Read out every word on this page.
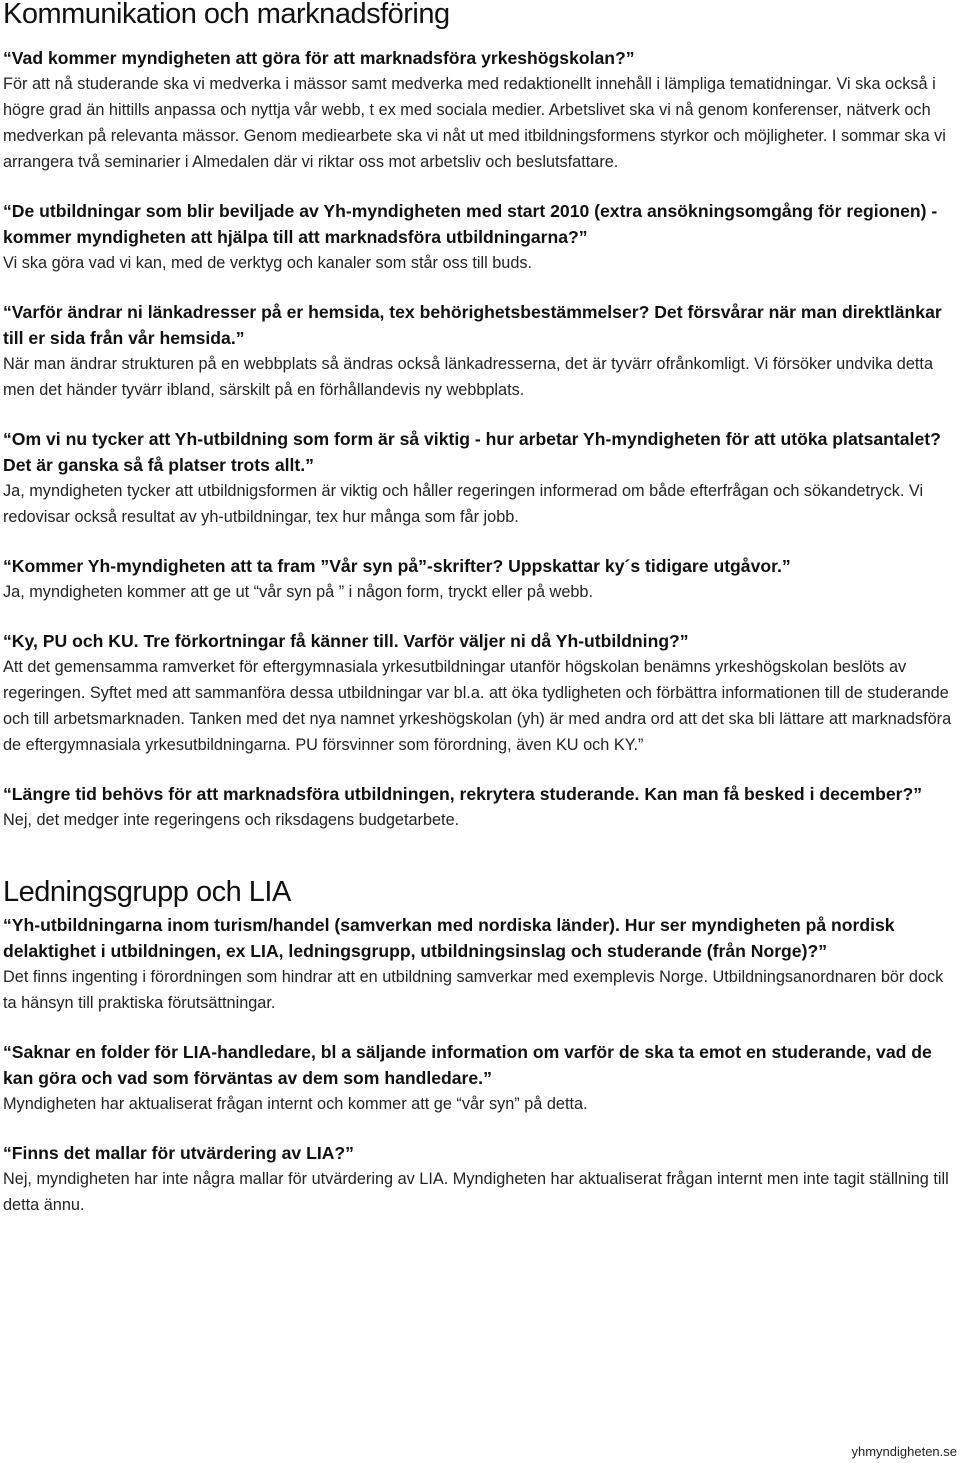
Kommunikation och marknadsföring

“Vad kommer myndigheten att göra för att marknadsföra yrkeshögskolan?”

För att nå studerande ska vi medverka i mässor samt medverka med redaktionellt innehåll i lämpliga tematidningar. Vi ska också i högre grad än hittills anpassa och nyttja vår webb, t ex med sociala medier. Arbetslivet ska vi nå genom konferenser, nätverk och medverkan på relevanta mässor. Genom mediearbete ska vi nåt ut med itbildningsformens styrkor och möjligheter. I sommar ska vi arrangera två seminarier i Almedalen där vi riktar oss mot arbetsliv och beslutsfattare.

“De utbildningar som blir beviljade av Yh-myndigheten med start 2010 (extra ansökningsomgång för regionen) - kommer myndigheten att hjälpa till att marknadsföra utbildningarna?”

Vi ska göra vad vi kan, med de verktyg och kanaler som står oss till buds.

“Varför ändrar ni länkadresser på er hemsida, tex behörighetsbestämmelser? Det försvårar när man direktlänkar till er sida från vår hemsida.”

När man ändrar strukturen på en webbplats så ändras också länkadresserna, det är tyvärr ofrånkomligt. Vi försöker undvika detta men det händer tyvärr ibland, särskilt på en förhållandevis ny webbplats.

“Om vi nu tycker att Yh-utbildning som form är så viktig - hur arbetar Yh-myndigheten för att utöka platsantalet? Det är ganska så få platser trots allt.”

Ja, myndigheten tycker att utbildnigsformen är viktig och håller regeringen informerad om både efterfrågan och sökandetryck. Vi redovisar också resultat av yh-utbildningar, tex hur många som får jobb.

“Kommer Yh-myndigheten att ta fram ”Vår syn på”-skrifter? Uppskattar ky´s tidigare utgåvor.”

Ja, myndigheten kommer att ge ut “vår syn på ” i någon form, tryckt eller på webb.

“Ky, PU och KU. Tre förkortningar få känner till. Varför väljer ni då Yh-utbildning?”

Att det gemensamma ramverket för eftergymnasiala yrkesutbildningar utanför högskolan benämns yrkeshögskolan beslöts av regeringen. Syftet med att sammanföra dessa utbildningar var bl.a. att öka tydligheten och förbättra informationen till de studerande och till arbetsmarknaden. Tanken med det nya namnet yrkeshögskolan (yh) är med andra ord att det ska bli lättare att marknadsföra de eftergymnasiala yrkesutbildningarna. PU försvinner som förordning, även KU och KY.”

“Längre tid behövs för att marknadsföra utbildningen, rekrytera studerande. Kan man få besked i december?”

Nej, det medger inte regeringens och riksdagens budgetarbete.

Ledningsgrupp och LIA

“Yh-utbildningarna inom turism/handel (samverkan med nordiska länder). Hur ser myndigheten på nordisk delaktighet i utbildningen, ex LIA, ledningsgrupp, utbildningsinslag och studerande (från Norge)?”

Det finns ingenting i förordningen som hindrar att en utbildning samverkar med exemplevis Norge. Utbildningsanordnaren bör dock ta hänsyn till praktiska förutsättningar.

“Saknar en folder för LIA-handledare, bl a säljande information om varför de ska ta emot en studerande, vad de kan göra och vad som förväntas av dem som handledare.”

Myndigheten har aktualiserat frågan internt och kommer att ge “vår syn” på detta.

“Finns det mallar för utvärdering av LIA?”

Nej, myndigheten har inte några mallar för utvärdering av LIA. Myndigheten har aktualiserat frågan internt men inte tagit ställning till detta ännu.

yhmyndigheten.se
